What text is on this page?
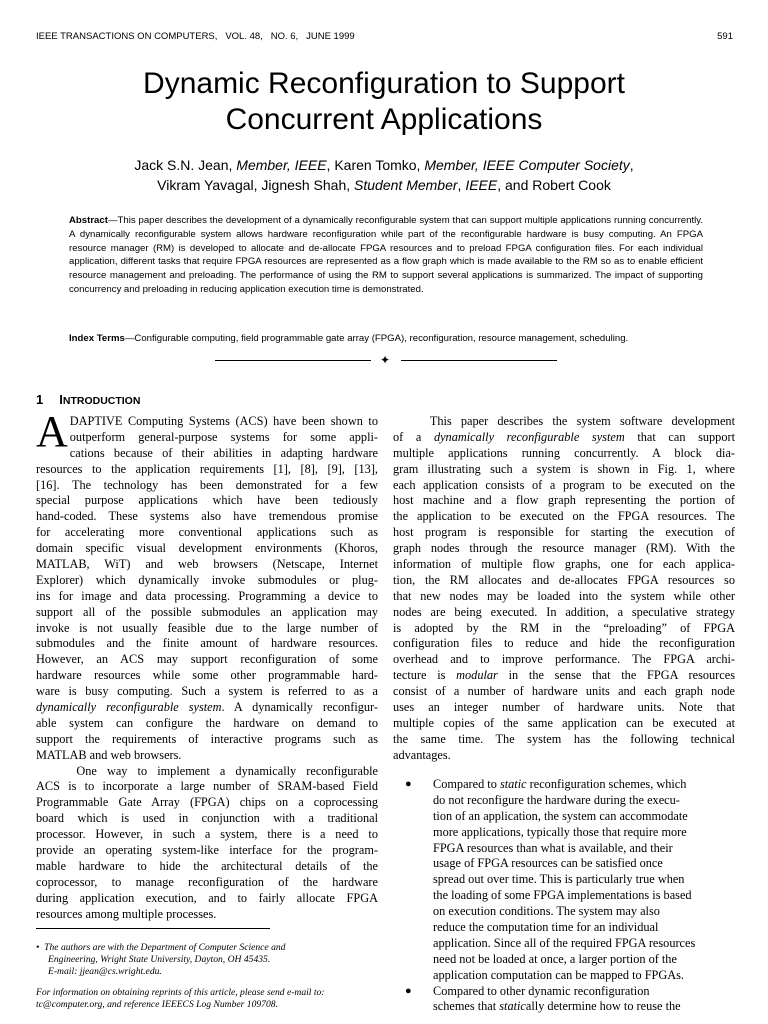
IEEE TRANSACTIONS ON COMPUTERS,   VOL. 48,   NO. 6,   JUNE 1999	591
Dynamic Reconfiguration to Support
Concurrent Applications
Jack S.N. Jean, Member, IEEE, Karen Tomko, Member, IEEE Computer Society,
Vikram Yavagal, Jignesh Shah, Student Member, IEEE, and Robert Cook
Abstract—This paper describes the development of a dynamically reconfigurable system that can support multiple applications running concurrently. A dynamically reconfigurable system allows hardware reconfiguration while part of the reconfigurable hardware is busy computing. An FPGA resource manager (RM) is developed to allocate and de-allocate FPGA resources and to preload FPGA configuration files. For each individual application, different tasks that require FPGA resources are represented as a flow graph which is made available to the RM so as to enable efficient resource management and preloading. The performance of using the RM to support several applications is summarized. The impact of supporting concurrency and preloading in reducing application execution time is demonstrated.
Index Terms—Configurable computing, field programmable gate array (FPGA), reconfiguration, resource management, scheduling.
✦
1 INTRODUCTION
A DAPTIVE Computing Systems (ACS) have been shown to
outperform general-purpose systems for some appli-
cations because of their abilities in adapting hardware
resources to the application requirements [1], [8], [9], [13],
[16]. The technology has been demonstrated for a few
special purpose applications which have been tediously
hand-coded. These systems also have tremendous promise
for accelerating more conventional applications such as
domain specific visual development environments (Khoros,
MATLAB, WiT) and web browsers (Netscape, Internet
Explorer) which dynamically invoke submodules or plug-
ins for image and data processing. Programming a device to
support all of the possible submodules an application may
invoke is not usually feasible due to the large number of
submodules and the finite amount of hardware resources.
However, an ACS may support reconfiguration of some
hardware resources while some other programmable hard-
ware is busy computing. Such a system is referred to as a
dynamically reconfigurable system. A dynamically reconfigur-
able system can configure the hardware on demand to
support the requirements of interactive programs such as
MATLAB and web browsers.
One way to implement a dynamically reconfigurable
ACS is to incorporate a large number of SRAM-based Field
Programmable Gate Array (FPGA) chips on a coprocessing
board which is used in conjunction with a traditional
processor. However, in such a system, there is a need to
provide an operating system-like interface for the program-
mable hardware to hide the architectural details of the
coprocessor, to manage reconfiguration of the hardware
during application execution, and to fairly allocate FPGA
resources among multiple processes.
• The authors are with the Department of Computer Science and
Engineering, Wright State University, Dayton, OH 45435.
E-mail: jjean@cs.wright.edu.
For information on obtaining reprints of this article, please send e-mail to:
tc@computer.org, and reference IEEECS Log Number 109708.
This paper describes the system software development
of a dynamically reconfigurable system that can support
multiple applications running concurrently. A block dia-
gram illustrating such a system is shown in Fig. 1, where
each application consists of a program to be executed on the
host machine and a flow graph representing the portion of
the application to be executed on the FPGA resources. The
host program is responsible for starting the execution of
graph nodes through the resource manager (RM). With the
information of multiple flow graphs, one for each applica-
tion, the RM allocates and de-allocates FPGA resources so
that new nodes may be loaded into the system while other
nodes are being executed. In addition, a speculative strategy
is adopted by the RM in the “preloading” of FPGA
configuration files to reduce and hide the reconfiguration
overhead and to improve performance. The FPGA archi-
tecture is modular in the sense that the FPGA resources
consist of a number of hardware units and each graph node
uses an integer number of hardware units. Note that
multiple copies of the same application can be executed at
the same time. The system has the following technical
advantages.
● Compared to static reconfiguration schemes, which
do not reconfigure the hardware during the execu-
tion of an application, the system can accommodate
more applications, typically those that require more
FPGA resources than what is available, and their
usage of FPGA resources can be satisfied once
spread out over time. This is particularly true when
the loading of some FPGA implementations is based
on execution conditions. The system may also
reduce the computation time for an individual
application. Since all of the required FPGA resources
need not be loaded at once, a larger portion of the
application computation can be mapped to FPGAs.
● Compared to other dynamic reconfiguration
schemes that statically determine how to reuse the
